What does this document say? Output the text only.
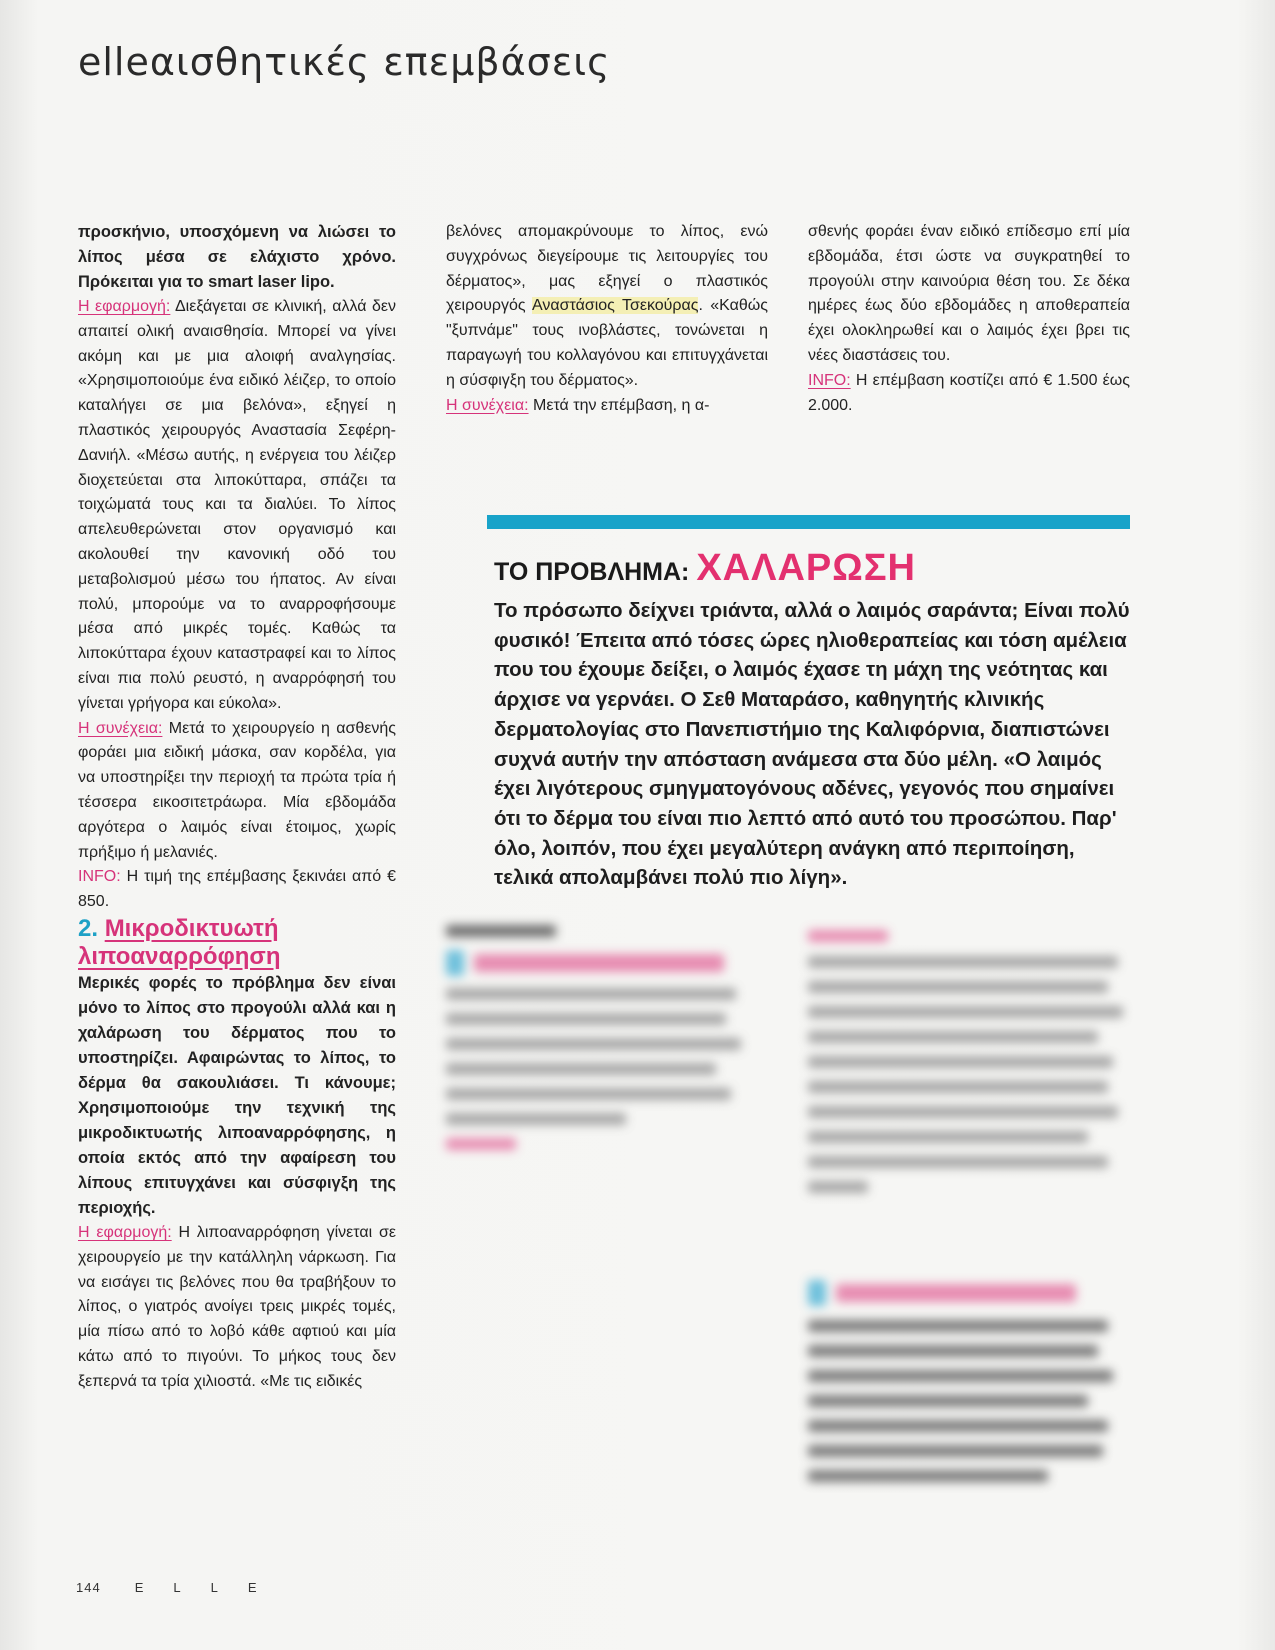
elleαισθητικές επεμβάσεις

προσκήνιο, υποσχόμενη να λιώσει το λίπος μέσα σε ελάχιστο χρόνο. Πρόκειται για το smart laser lipo.

Η εφαρμογή: Διεξάγεται σε κλινική, αλλά δεν απαιτεί ολική αναισθησία. Μπορεί να γίνει ακόμη και με μια αλοιφή αναλγησίας. «Χρησιμοποιούμε ένα ειδικό λέιζερ, το οποίο καταλήγει σε μια βελόνα», εξηγεί η πλαστικός χειρουργός Αναστασία Σεφέρη-Δανιήλ. «Μέσω αυτής, η ενέργεια του λέιζερ διοχετεύεται στα λιποκύτταρα, σπάζει τα τοιχώματά τους και τα διαλύει. Το λίπος απελευθερώνεται στον οργανισμό και ακολουθεί την κανονική οδό του μεταβολισμού μέσω του ήπατος. Αν είναι πολύ, μπορούμε να το αναρροφήσουμε μέσα από μικρές τομές. Καθώς τα λιποκύτταρα έχουν καταστραφεί και το λίπος είναι πια πολύ ρευστό, η αναρρόφησή του γίνεται γρήγορα και εύκολα».

Η συνέχεια: Μετά το χειρουργείο η ασθενής φοράει μια ειδική μάσκα, σαν κορδέλα, για να υποστηρίξει την περιοχή τα πρώτα τρία ή τέσσερα εικοσιτετράωρα. Μία εβδομάδα αργότερα ο λαιμός είναι έτοιμος, χωρίς πρήξιμο ή μελανιές.

INFO: Η τιμή της επέμβασης ξεκινάει από € 850.

2. Μικροδικτυωτή λιποαναρρόφηση

Μερικές φορές το πρόβλημα δεν είναι μόνο το λίπος στο προγούλι αλλά και η χαλάρωση του δέρματος που το υποστηρίζει. Αφαιρώντας το λίπος, το δέρμα θα σακουλιάσει. Τι κάνουμε; Χρησιμοποιούμε την τεχνική της μικροδικτυωτής λιποαναρρόφησης, η οποία εκτός από την αφαίρεση του λίπους επιτυγχάνει και σύσφιγξη της περιοχής.

Η εφαρμογή: Η λιποαναρρόφηση γίνεται σε χειρουργείο με την κατάλληλη νάρκωση. Για να εισάγει τις βελόνες που θα τραβήξουν το λίπος, ο γιατρός ανοίγει τρεις μικρές τομές, μία πίσω από το λοβό κάθε αφτιού και μία κάτω από το πιγούνι. Το μήκος τους δεν ξεπερνά τα τρία χιλιοστά. «Με τις ειδικές

βελόνες απομακρύνουμε το λίπος, ενώ συγχρόνως διεγείρουμε τις λειτουργίες του δέρματος», μας εξηγεί ο πλαστικός χειρουργός Αναστάσιος Τσεκούρας. «Καθώς "ξυπνάμε" τους ινοβλάστες, τονώνεται η παραγωγή του κολλαγόνου και επιτυγχάνεται η σύσφιγξη του δέρματος».

Η συνέχεια: Μετά την επέμβαση, η α-

σθενής φοράει έναν ειδικό επίδεσμο επί μία εβδομάδα, έτσι ώστε να συγκρατηθεί το προγούλι στην καινούρια θέση του. Σε δέκα ημέρες έως δύο εβδομάδες η αποθεραπεία έχει ολοκληρωθεί και ο λαιμός έχει βρει τις νέες διαστάσεις του.

INFO: Η επέμβαση κοστίζει από € 1.500 έως 2.000.

ΤΟ ΠΡΟΒΛΗΜΑ: ΧΑΛΑΡΩΣΗ

Το πρόσωπο δείχνει τριάντα, αλλά ο λαιμός σαράντα; Είναι πολύ φυσικό! Έπειτα από τόσες ώρες ηλιοθεραπείας και τόση αμέλεια που του έχουμε δείξει, ο λαιμός έχασε τη μάχη της νεότητας και άρχισε να γερνάει. Ο Σεθ Ματαράσο, καθηγητής κλινικής δερματολογίας στο Πανεπιστήμιο της Καλιφόρνια, διαπιστώνει συχνά αυτήν την απόσταση ανάμεσα στα δύο μέλη. «Ο λαιμός έχει λιγότερους σμηγματογόνους αδένες, γεγονός που σημαίνει ότι το δέρμα του είναι πιο λεπτό από αυτό του προσώπου. Παρ' όλο, λοιπόν, που έχει μεγαλύτερη ανάγκη από περιποίηση, τελικά απολαμβάνει πολύ πιο λίγη».

144	ELLE
